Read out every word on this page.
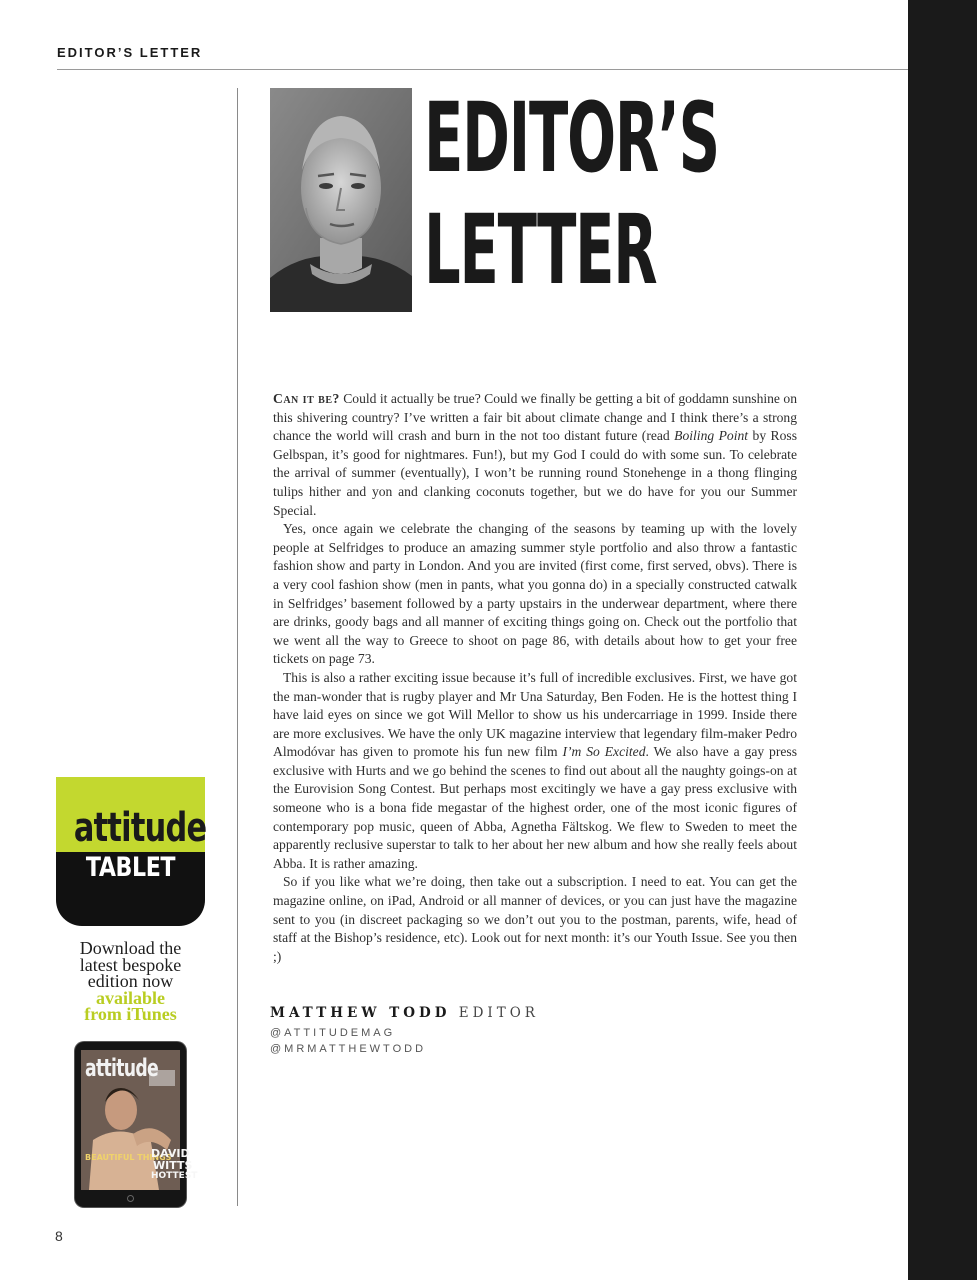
EDITOR’S LETTER
EDITOR’S
LETTER

Can it be? Could it actually be true? Could we finally be getting a bit of goddamn sunshine on this shivering country? I’ve written a fair bit about climate change and I think there’s a strong chance the world will crash and burn in the not too distant future (read Boiling Point by Ross Gelbspan, it’s good for nightmares. Fun!), but my God I could do with some sun. To celebrate the arrival of summer (eventually), I won’t be running round Stonehenge in a thong flinging tulips hither and yon and clanking coconuts together, but we do have for you our Summer Special.

Yes, once again we celebrate the changing of the seasons by teaming up with the lovely people at Selfridges to produce an amazing summer style portfolio and also throw a fantastic fashion show and party in London. And you are invited (first come, first served, obvs). There is a very cool fashion show (men in pants, what you gonna do) in a specially constructed catwalk in Selfridges’ basement followed by a party upstairs in the underwear department, where there are drinks, goody bags and all manner of exciting things going on. Check out the portfolio that we went all the way to Greece to shoot on page 86, with details about how to get your free tickets on page 73.

This is also a rather exciting issue because it’s full of incredible exclusives. First, we have got the man-wonder that is rugby player and Mr Una Saturday, Ben Foden. He is the hottest thing I have laid eyes on since we got Will Mellor to show us his undercarriage in 1999. Inside there are more exclusives. We have the only UK magazine interview that legendary film-maker Pedro Almodóvar has given to promote his fun new film I’m So Excited. We also have a gay press exclusive with Hurts and we go behind the scenes to find out about all the naughty goings-on at the Eurovision Song Contest. But perhaps most excitingly we have a gay press exclusive with someone who is a bona fide megastar of the highest order, one of the most iconic figures of contemporary pop music, queen of Abba, Agnetha Fältskog. We flew to Sweden to meet the apparently reclusive superstar to talk to her about her new album and how she really feels about Abba. It is rather amazing.

So if you like what we’re doing, then take out a subscription. I need to eat. You can get the magazine online, on iPad, Android or all manner of devices, or you can just have the magazine sent to you (in discreet packaging so we don’t out you to the postman, parents, wife, head of staff at the Bishop’s residence, etc). Look out for next month: it’s our Youth Issue. See you then ;)

MATTHEW TODD EDITOR
@ATTITUDEMAG
@MRMATTHEWTODD
attitude
TABLET
Download the
latest bespoke
edition now
available
from iTunes
attitude
BEAUTIFUL THINGS
DAVID
WITTS
HOTTEST
8
